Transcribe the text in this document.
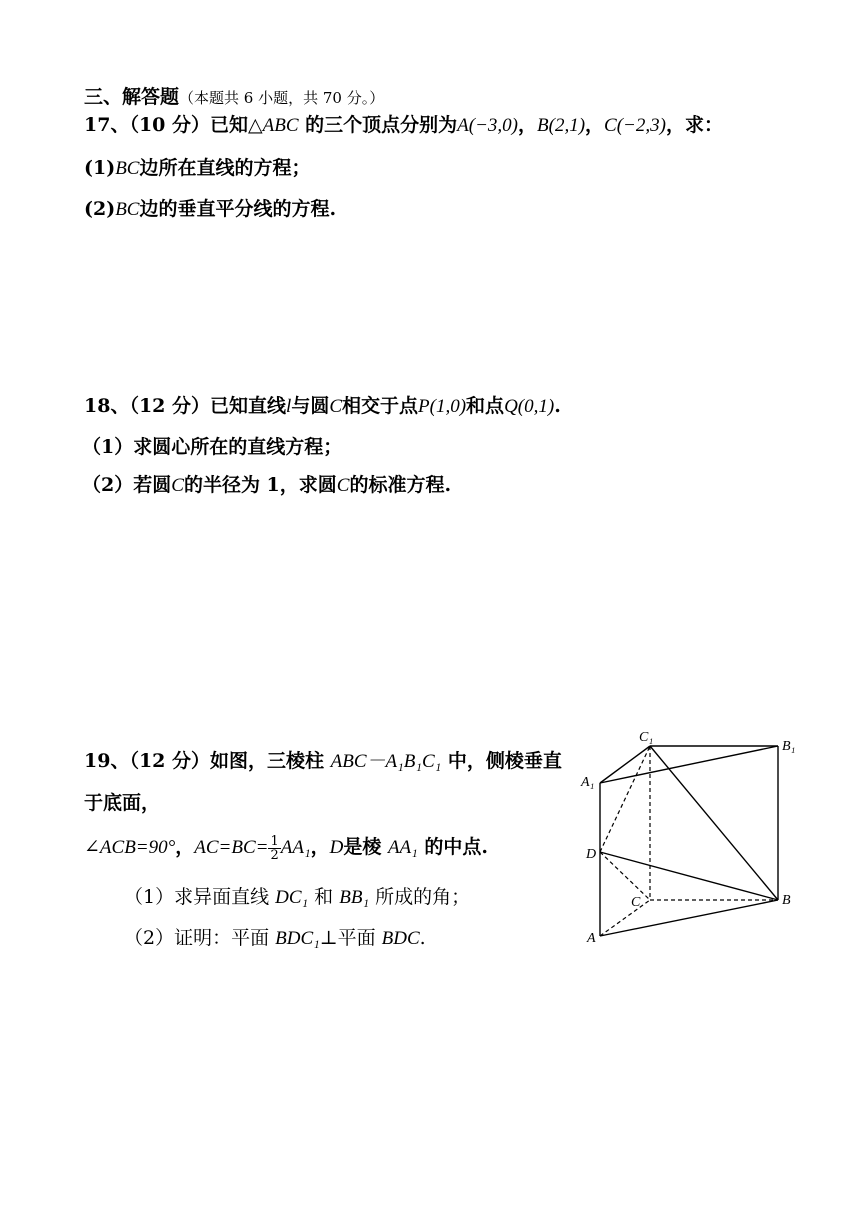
三、解答题（本题共 6 小题，共 70 分。）
17、（10 分）已知△ABC 的三个顶点分别为A(−3,0)，B(2,1)，C(−2,3)，求：
(1)BC边所在直线的方程；
(2)BC边的垂直平分线的方程.
18、（12 分）已知直线l与圆C相交于点P(1,0)和点Q(0,1).
（1）求圆心所在的直线方程；
（2）若圆C的半径为 1，求圆C的标准方程.
19、（12 分）如图，三棱柱 ABC－A₁B₁C₁ 中，侧棱垂直
于底面，
∠ACB=90°，$AC=BC= \frac{1}{2} AA_1$，D是棱 AA₁ 的中点.
（1）求异面直线 DC₁ 和 BB₁ 所成的角；
（2）证明：平面 BDC₁⊥平面 BDC.
C₁
B₁
A₁
D
C	B
A
